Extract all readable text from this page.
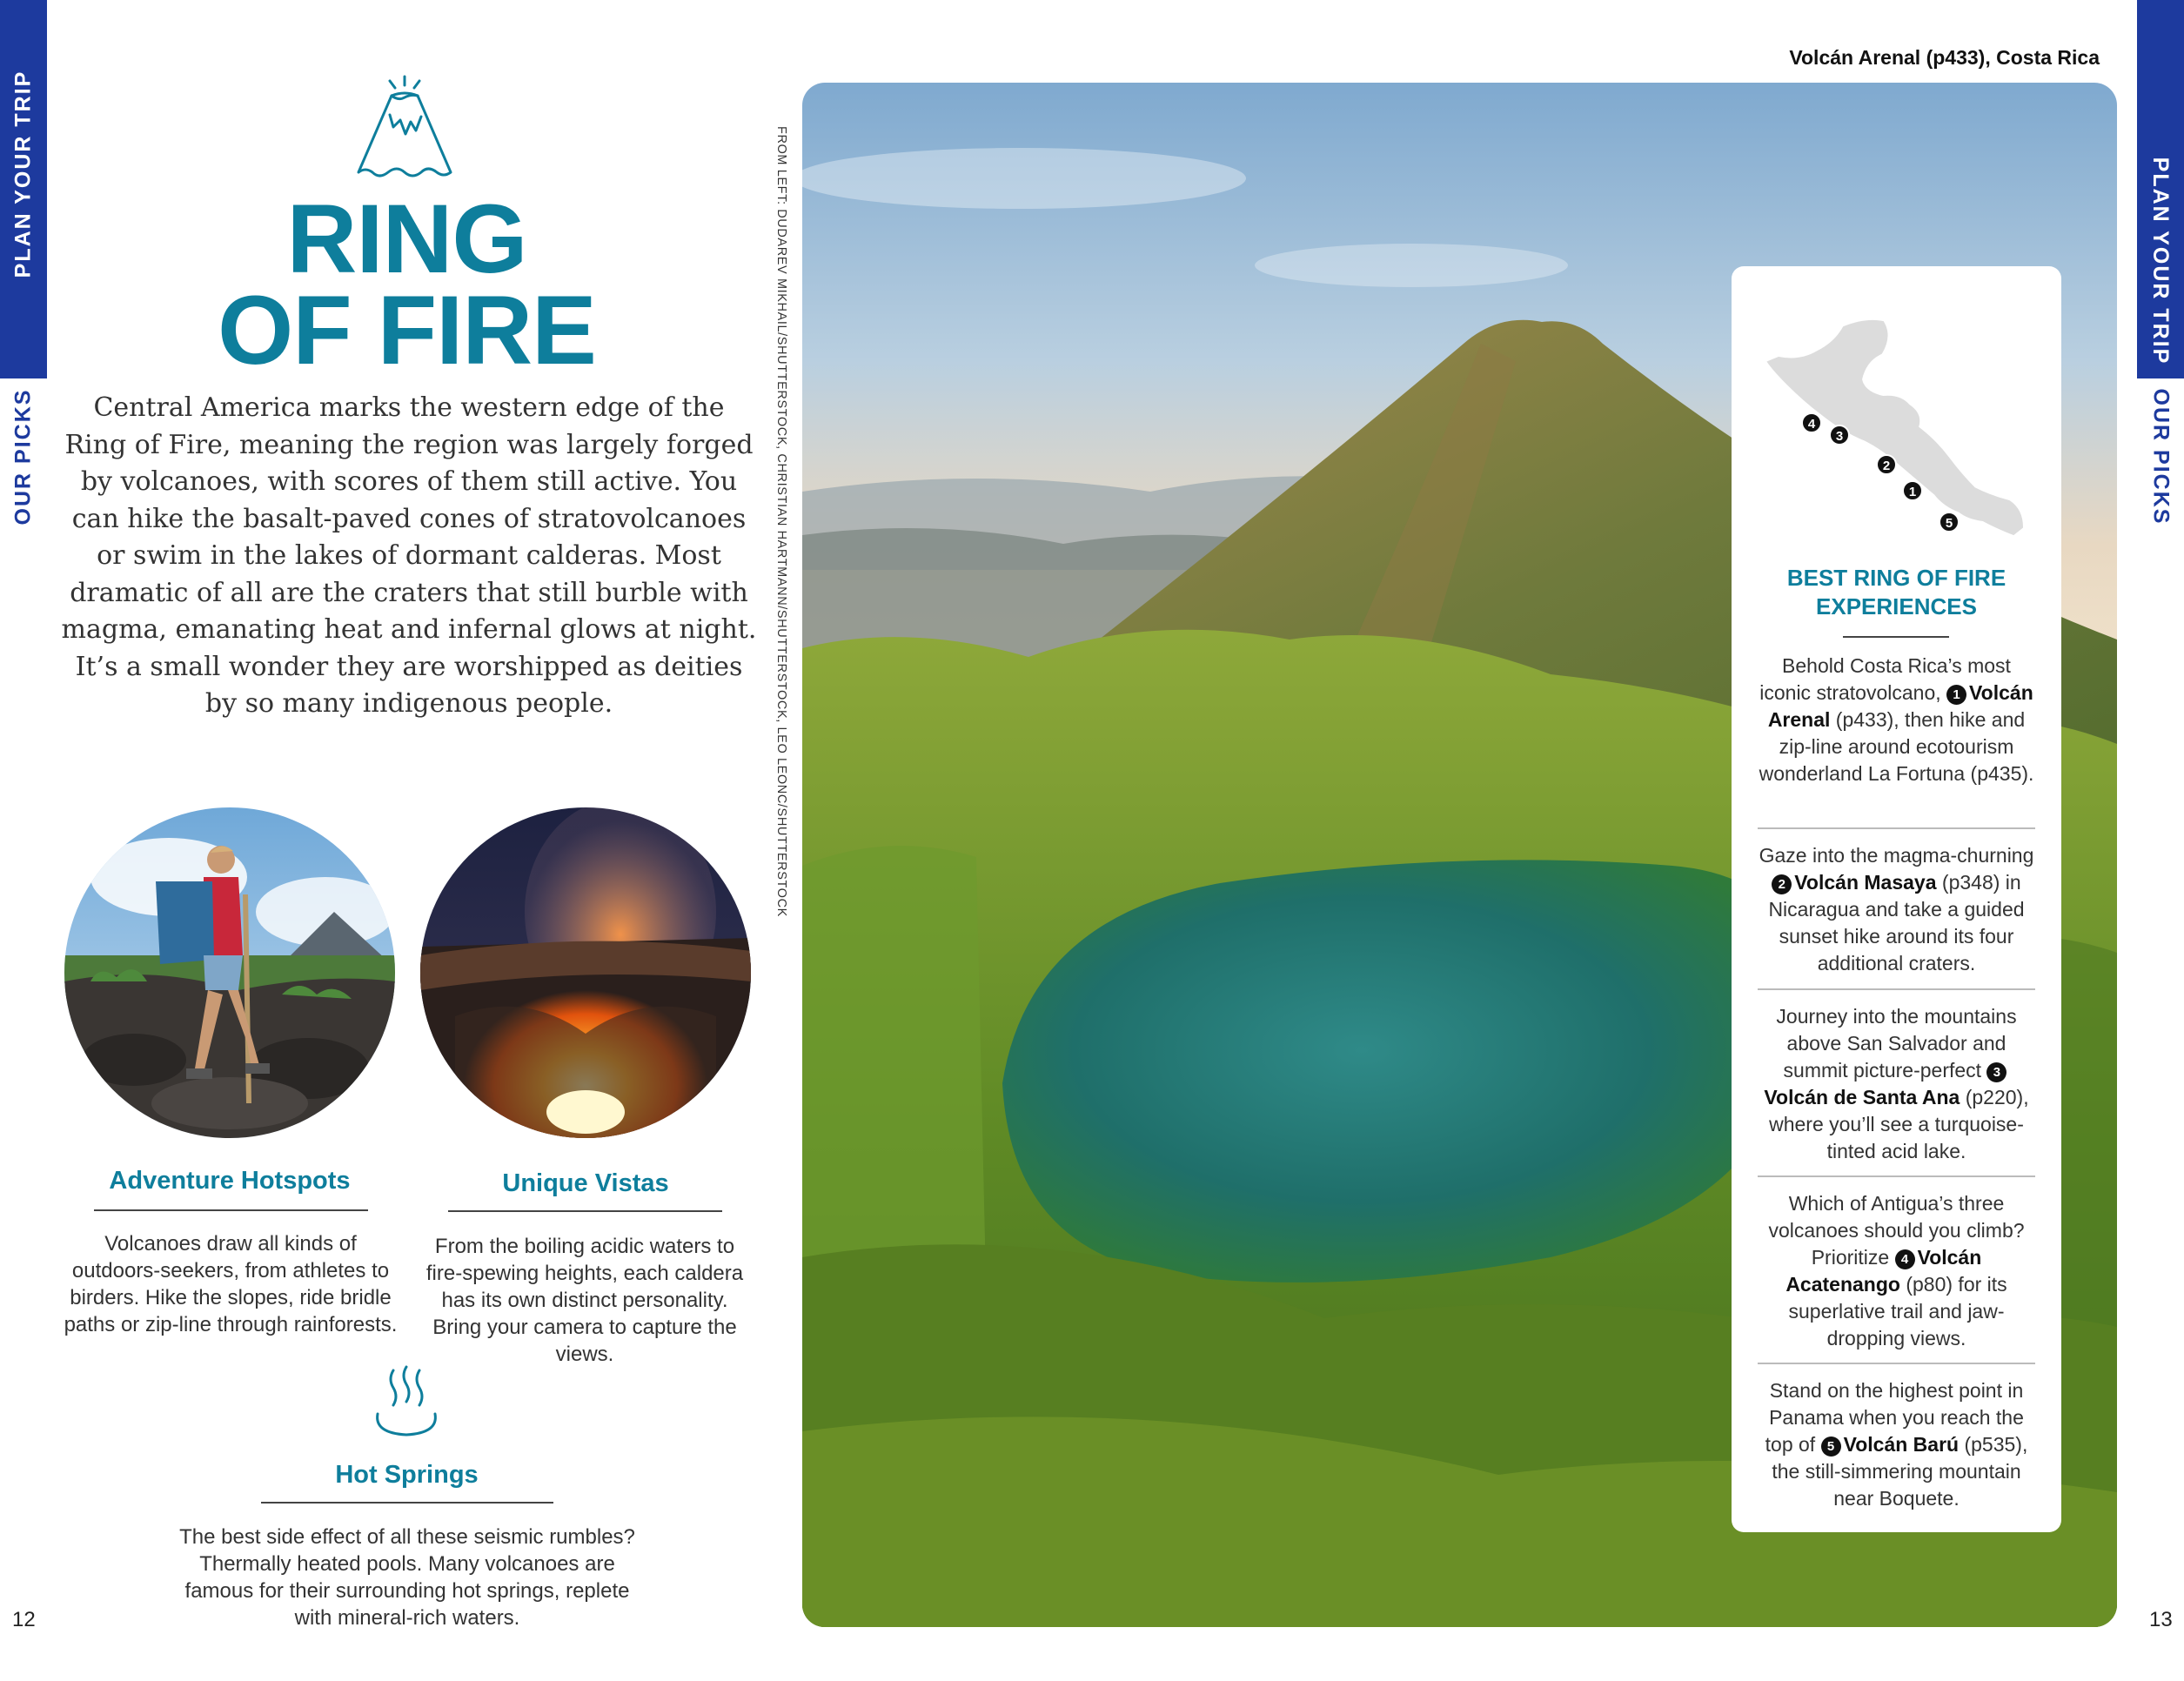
PLAN YOUR TRIP
OUR PICKS
PLAN YOUR TRIP
OUR PICKS
RING
OF FIRE

Central America marks the western edge of the Ring of Fire, meaning the region was largely forged by volcanoes, with scores of them still active. You can hike the basalt-paved cones of stratovolcanoes or swim in the lakes of dormant calderas. Most dramatic of all are the craters that still burble with magma, emanating heat and infernal glows at night. It’s a small wonder they are worshipped as deities by so many indigenous people.

Adventure Hotspots

Volcanoes draw all kinds of outdoors-seekers, from athletes to birders. Hike the slopes, ride bridle paths or zip-line through rainforests.

Unique Vistas

From the boiling acidic waters to fire-spewing heights, each caldera has its own distinct personality. Bring your camera to capture the views.

Hot Springs

The best side effect of all these seismic rumbles? Thermally heated pools. Many volcanoes are famous for their surrounding hot springs, replete with mineral-rich waters.

12
FROM LEFT: DUDAREV MIKHAIL/SHUTTERSTOCK, CHRISTIAN HARTMANN/SHUTTERSTOCK, LEO LEONC/SHUTTERSTOCK
Volcán Arenal (p433), Costa Rica
4
3
2
1
5
BEST RING OF FIRE EXPERIENCES

Behold Costa Rica’s most iconic stratovolcano, 1 Volcán Arenal (p433), then hike and zip-line around ecotourism wonderland La Fortuna (p435).

Gaze into the magma-churning 2 Volcán Masaya (p348) in Nicaragua and take a guided sunset hike around its four additional craters.

Journey into the mountains above San Salvador and summit picture-perfect 3Volcán de Santa Ana (p220), where you’ll see a turquoise-tinted acid lake.

Which of Antigua’s three volcanoes should you climb? Prioritize 4 Volcán Acatenango (p80) for its superlative trail and jaw-dropping views.

Stand on the highest point in Panama when you reach the top of 5 Volcán Barú (p535), the still-simmering mountain near Boquete.

13
